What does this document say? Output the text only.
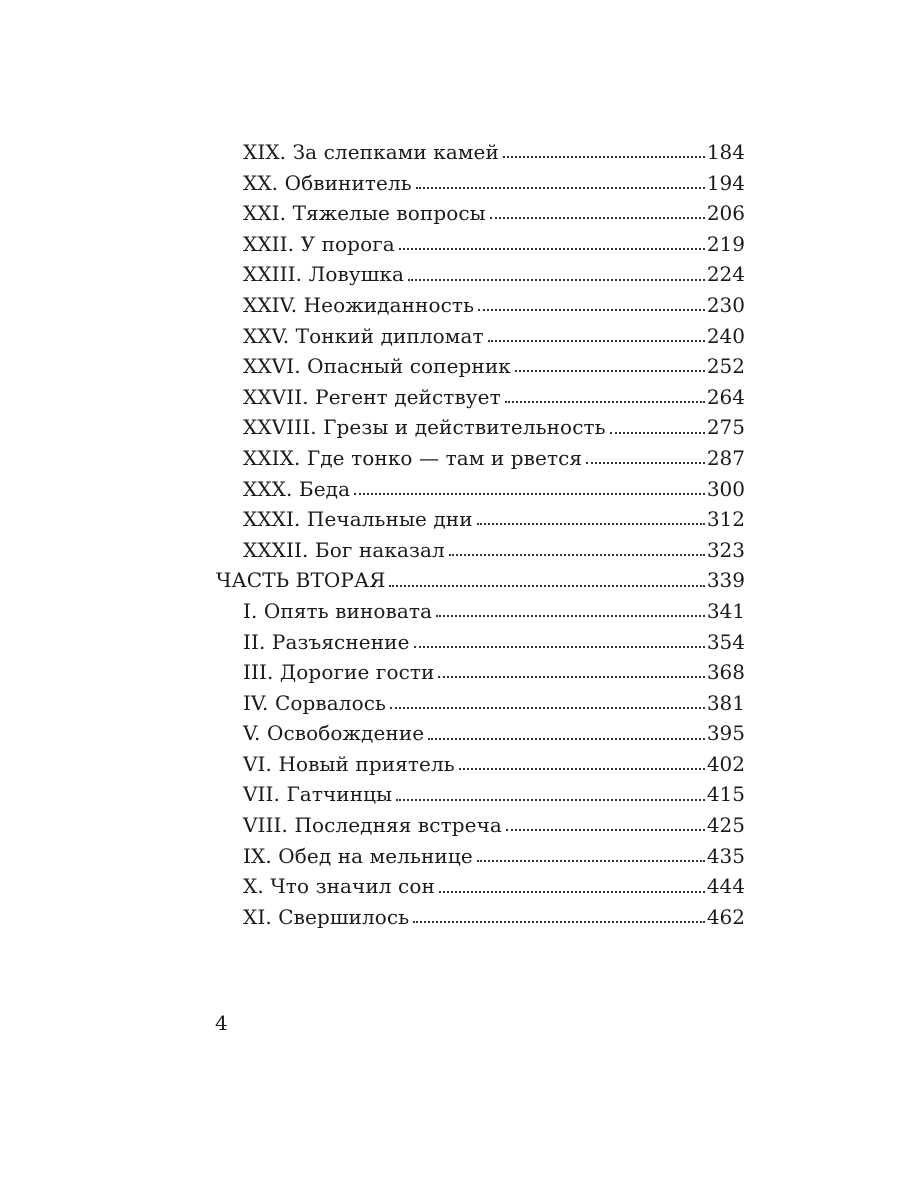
XIX. За слепками камей	184
XX. Обвинитель	194
XXI. Тяжелые вопросы	206
XXII. У порога	219
XXIII. Ловушка	224
XXIV. Неожиданность	230
XXV. Тонкий дипломат	240
XXVI. Опасный соперник	252
XXVII. Регент действует	264
XXVIII. Грезы и действительность	275
XXIX. Где тонко — там и рвется	287
XXX. Беда	300
XXXI. Печальные дни	312
XXXII. Бог наказал	323
ЧАСТЬ ВТОРАЯ	339
I. Опять виновата	341
II. Разъяснение	354
III. Дорогие гости	368
IV. Сорвалось	381
V. Освобождение	395
VI. Новый приятель	402
VII. Гатчинцы	415
VIII. Последняя встреча	425
IX. Обед на мельнице	435
X. Что значил сон	444
XI. Свершилось	462
4
